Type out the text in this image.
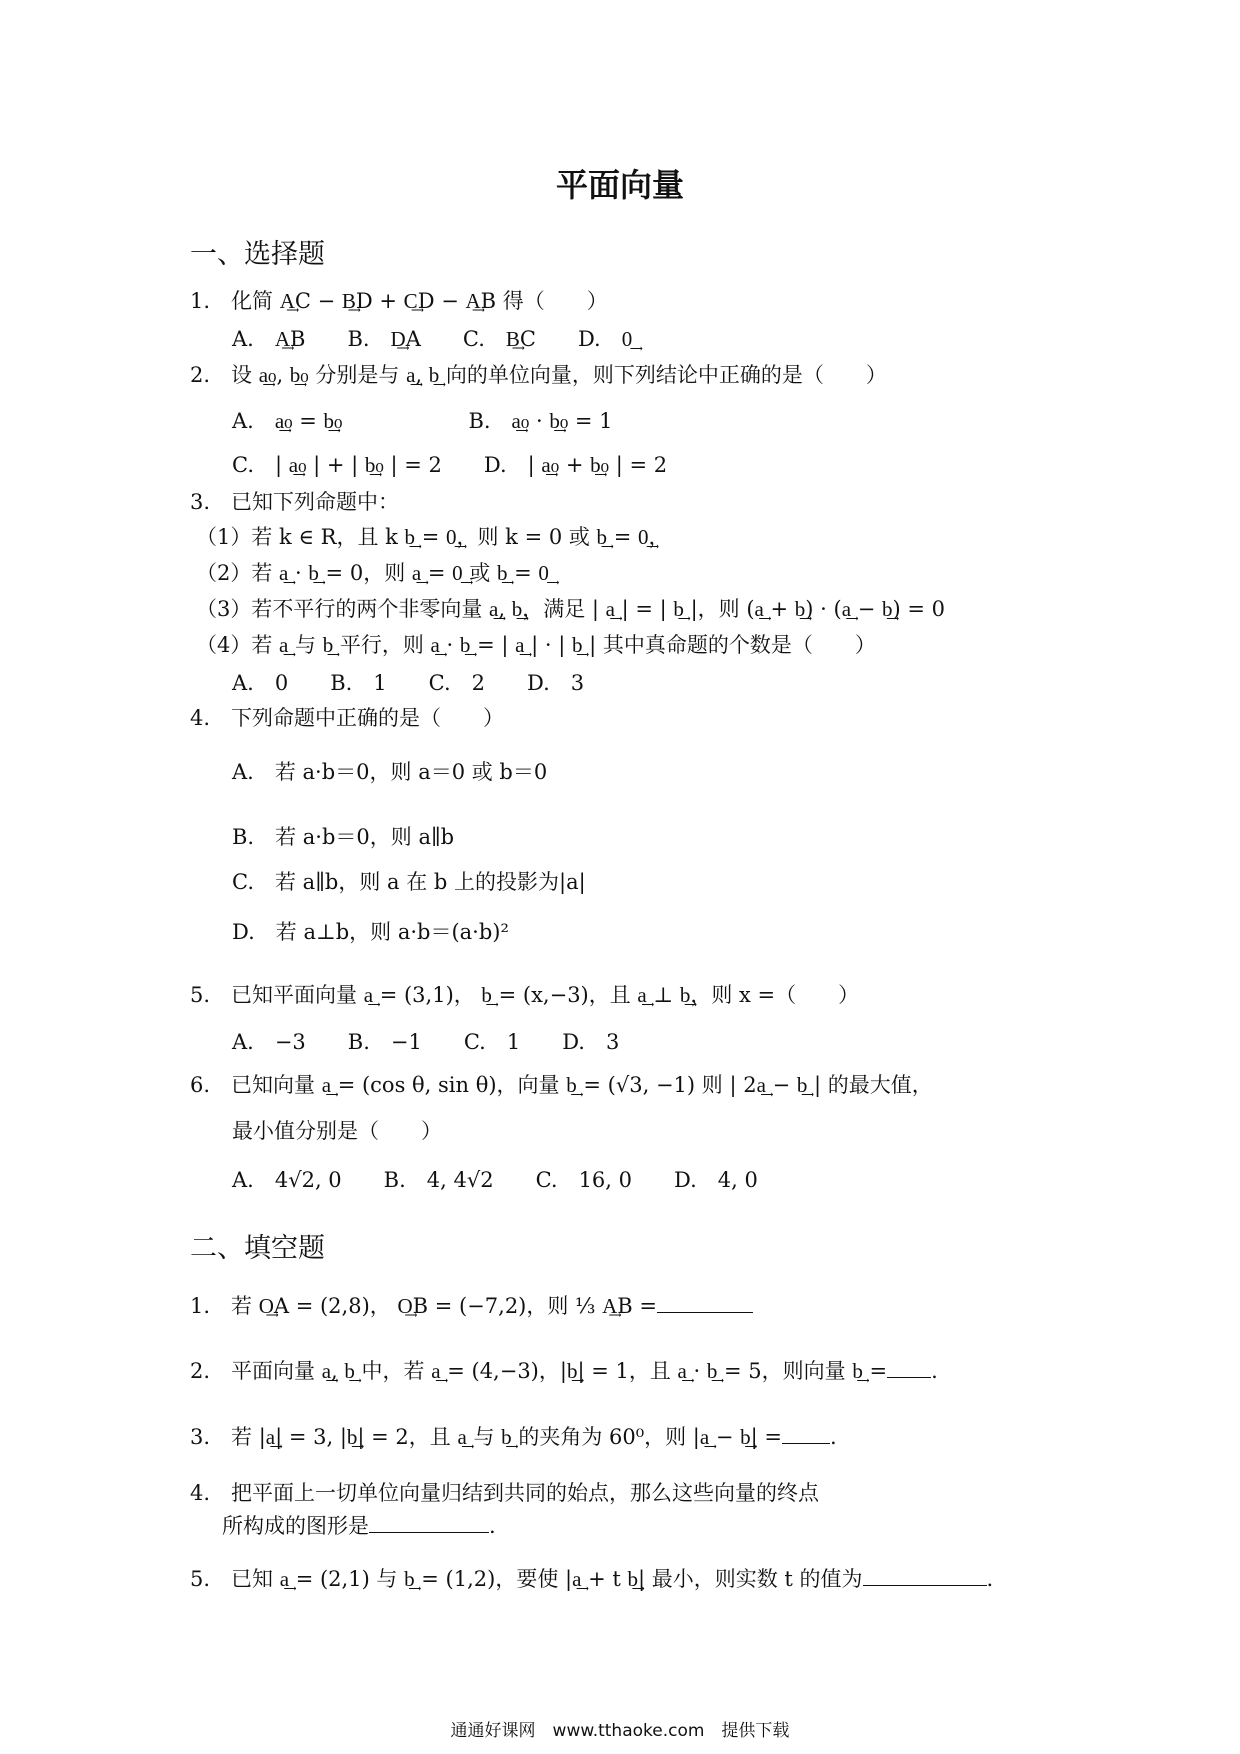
平面向量
一、选择题
1.　化简 A͢C − B͢D + C͢D − A͢B 得（　　）
A.　A͢B　　B.　D͢A　　C.　B͢C　　D.　0͢
2.　设 a͢₀, b͢₀ 分别是与 a͢, b͢ 向的单位向量，则下列结论中正确的是（　　）
A.　a͢₀ = b͢₀　　　　　　B.　a͢₀ · b͢₀ = 1
C.　| a͢₀ | + | b͢₀ | = 2　　D.　| a͢₀ + b͢₀ | = 2
3.　已知下列命题中：
（1）若 k ∈ R，且 k b͢ = 0͢，则 k = 0 或 b͢ = 0͢，
（2）若 a͢ · b͢ = 0，则 a͢ = 0͢ 或 b͢ = 0͢
（3）若不平行的两个非零向量 a͢, b͢，满足 | a͢ | = | b͢ |，则 (a͢ + b͢) · (a͢ − b͢) = 0
（4）若 a͢ 与 b͢ 平行，则 a͢ · b͢ = | a͢ | · | b͢ | 其中真命题的个数是（　　）
A.　0　　B.　1　　C.　2　　D.　3
4.　下列命题中正确的是（　　）
A.　若 a·b＝0，则 a＝0 或 b＝0
B.　若 a·b＝0，则 a∥b
C.　若 a∥b，则 a 在 b 上的投影为|a|
D.　若 a⊥b，则 a·b＝(a·b)²
5.　已知平面向量 a͢ = (3,1)， b͢ = (x,−3)，且 a͢ ⊥ b͢，则 x =（　　）
A.　−3　　B.　−1　　C.　1　　D.　3
6.　已知向量 a͢ = (cos θ, sin θ)，向量 b͢ = (√3, −1) 则 | 2a͢ − b͢ | 的最大值，
最小值分别是（　　）
A.　4√2, 0　　B.　4, 4√2　　C.　16, 0　　D.　4, 0
二、填空题
1.　若 O͢A = (2,8)， O͢B = (−7,2)，则 ⅓ A͢B =
2.　平面向量 a͢, b͢ 中，若 a͢ = (4,−3)，|b͢| = 1，且 a͢ · b͢ = 5，则向量 b͢ = .
3.　若 |a͢| = 3, |b͢| = 2，且 a͢ 与 b͢ 的夹角为 60⁰，则 |a͢ − b͢| = .
4.　把平面上一切单位向量归结到共同的始点，那么这些向量的终点
所构成的图形是	.
5.　已知 a͢ = (2,1) 与 b͢ = (1,2)，要使 |a͢ + t b͢| 最小，则实数 t 的值为	.
通通好课网　www.tthaoke.com　提供下载
